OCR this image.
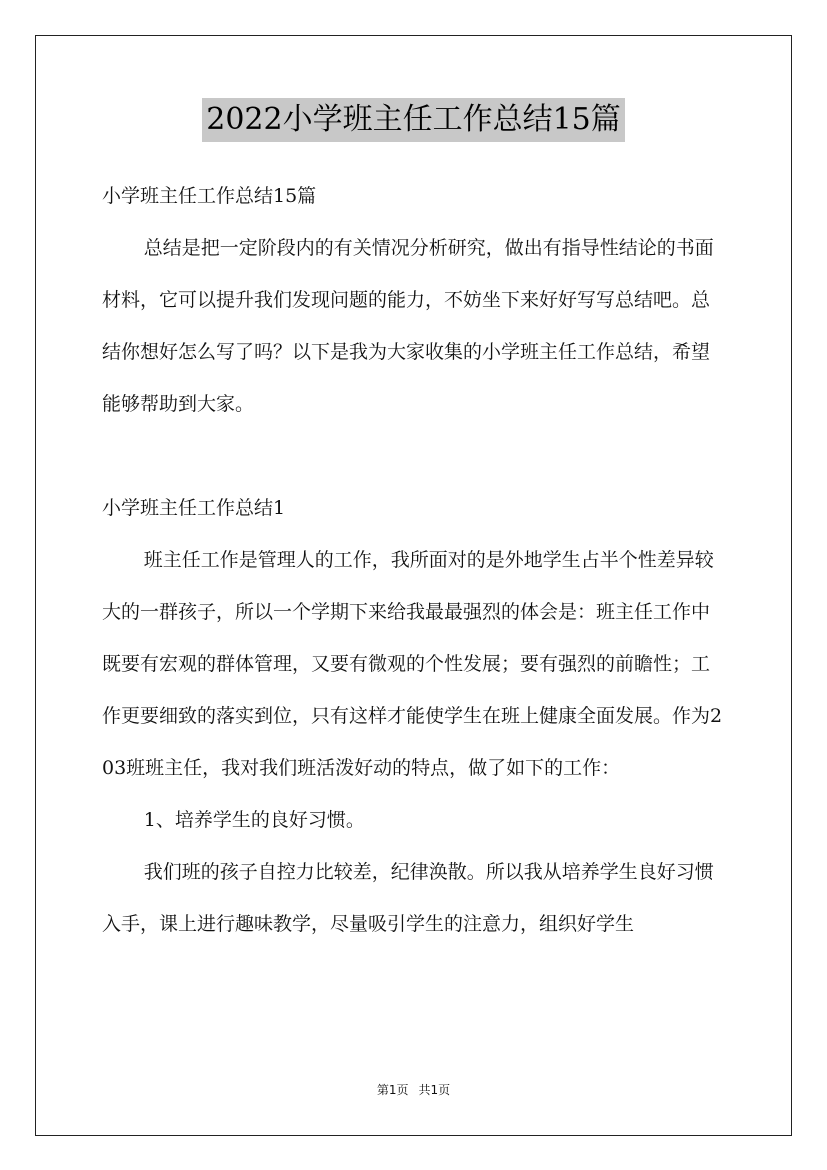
2022小学班主任工作总结15篇

小学班主任工作总结15篇

总结是把一定阶段内的有关情况分析研究，做出有指导性结论的书面材料，它可以提升我们发现问题的能力，不妨坐下来好好写写总结吧。总结你想好怎么写了吗？以下是我为大家收集的小学班主任工作总结，希望能够帮助到大家。

小学班主任工作总结1

班主任工作是管理人的工作，我所面对的是外地学生占半个性差异较大的一群孩子，所以一个学期下来给我最最强烈的体会是：班主任工作中既要有宏观的群体管理，又要有微观的个性发展；要有强烈的前瞻性；工作更要细致的落实到位，只有这样才能使学生在班上健康全面发展。作为203班班主任，我对我们班活泼好动的特点，做了如下的工作：

1、培养学生的良好习惯。

我们班的孩子自控力比较差，纪律涣散。所以我从培养学生良好习惯入手，课上进行趣味教学，尽量吸引学生的注意力，组织好学生

第1页 共1页
